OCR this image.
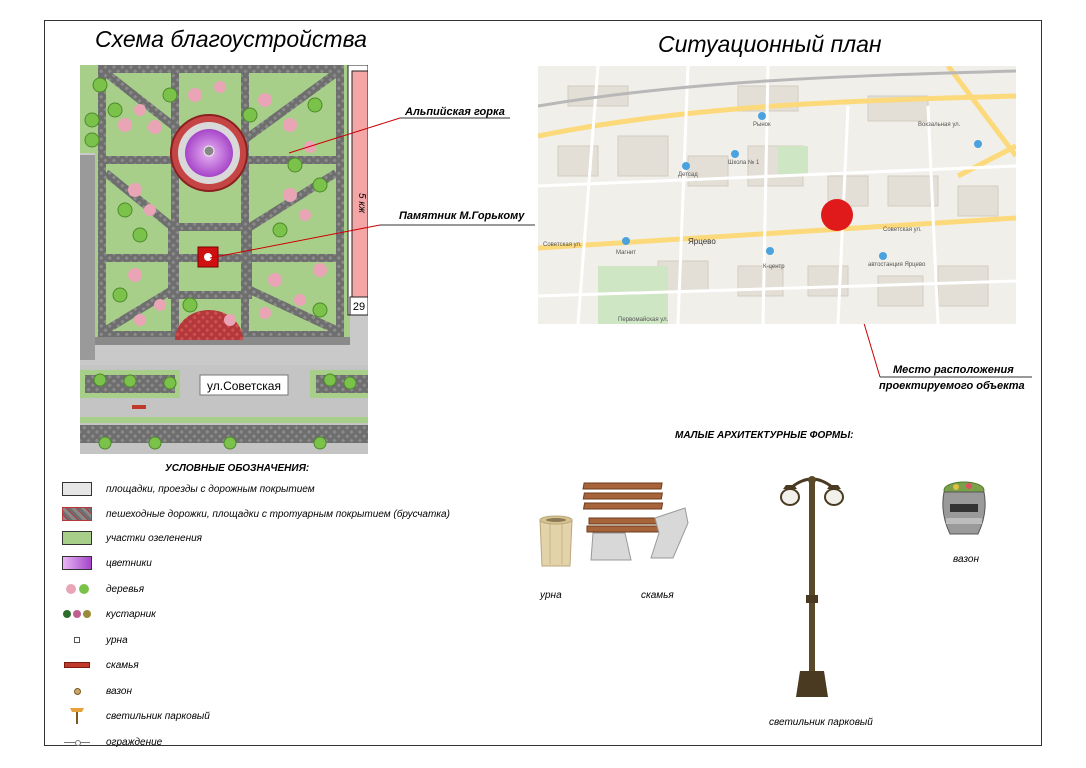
Схема благоустройства	Ситуационный план
ул.Советская
5 кж
29
Альпийская горка
Памятник М.Горькому
Рынок
Школа № 1
Детсад
Магнит
К-центр	автостанция Ярцево
Вокзальная ул.
Первомайская ул.
Советская ул.
Советская ул.
Ярцево
Место расположения
проектируемого объекта
УСЛОВНЫЕ ОБОЗНАЧЕНИЯ:
площадки, проезды с дорожным покрытием
пешеходные дорожки, площадки с тротуарным покрытием (брусчатка)
участки озеленения
цветники
деревья
кустарник
урна
скамья
вазон
светильник парковый
ограждение
МАЛЫЕ АРХИТЕКТУРНЫЕ ФОРМЫ:
урна	скамья
светильник парковый
вазон
